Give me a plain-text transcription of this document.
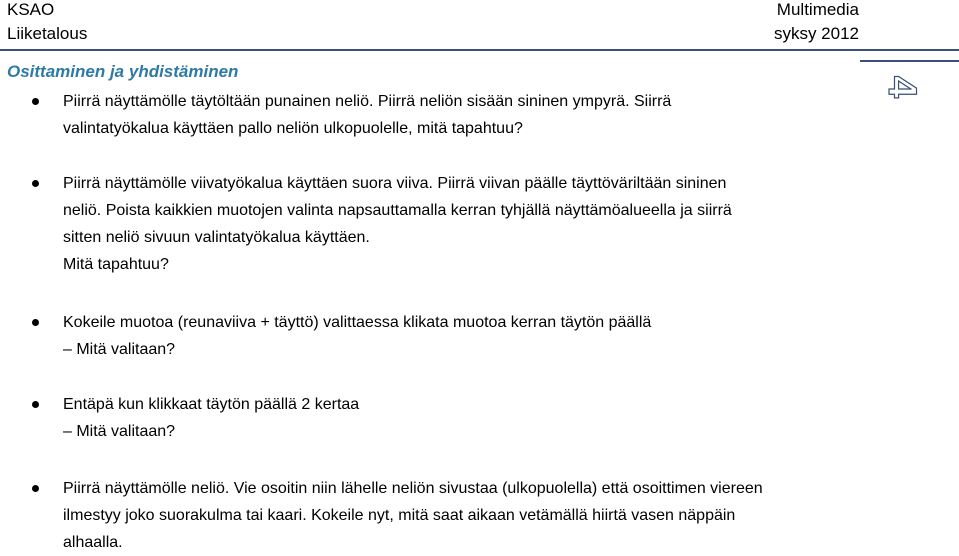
KSAO
Liiketalous
Multimedia
syksy 2012
4
Osittaminen ja yhdistäminen
Piirrä näyttämölle täytöltään punainen neliö. Piirrä neliön sisään sininen ympyrä. Siirrä
valintatyökalua käyttäen pallo neliön ulkopuolelle, mitä tapahtuu?
Piirrä näyttämölle viivatyökalua käyttäen suora viiva. Piirrä viivan päälle täyttöväriltään sininen
neliö. Poista kaikkien muotojen valinta napsauttamalla kerran tyhjällä näyttämöalueella ja siirrä
sitten neliö sivuun valintatyökalua käyttäen.
Mitä tapahtuu?
Kokeile muotoa (reunaviiva + täyttö) valittaessa klikata muotoa kerran täytön päällä
– Mitä valitaan?
Entäpä kun klikkaat täytön päällä 2 kertaa
– Mitä valitaan?
Piirrä näyttämölle neliö. Vie osoitin niin lähelle neliön sivustaa (ulkopuolella) että osoittimen viereen
ilmestyy joko suorakulma tai kaari. Kokeile nyt, mitä saat aikaan vetämällä hiirtä vasen näppäin
alhaalla.
